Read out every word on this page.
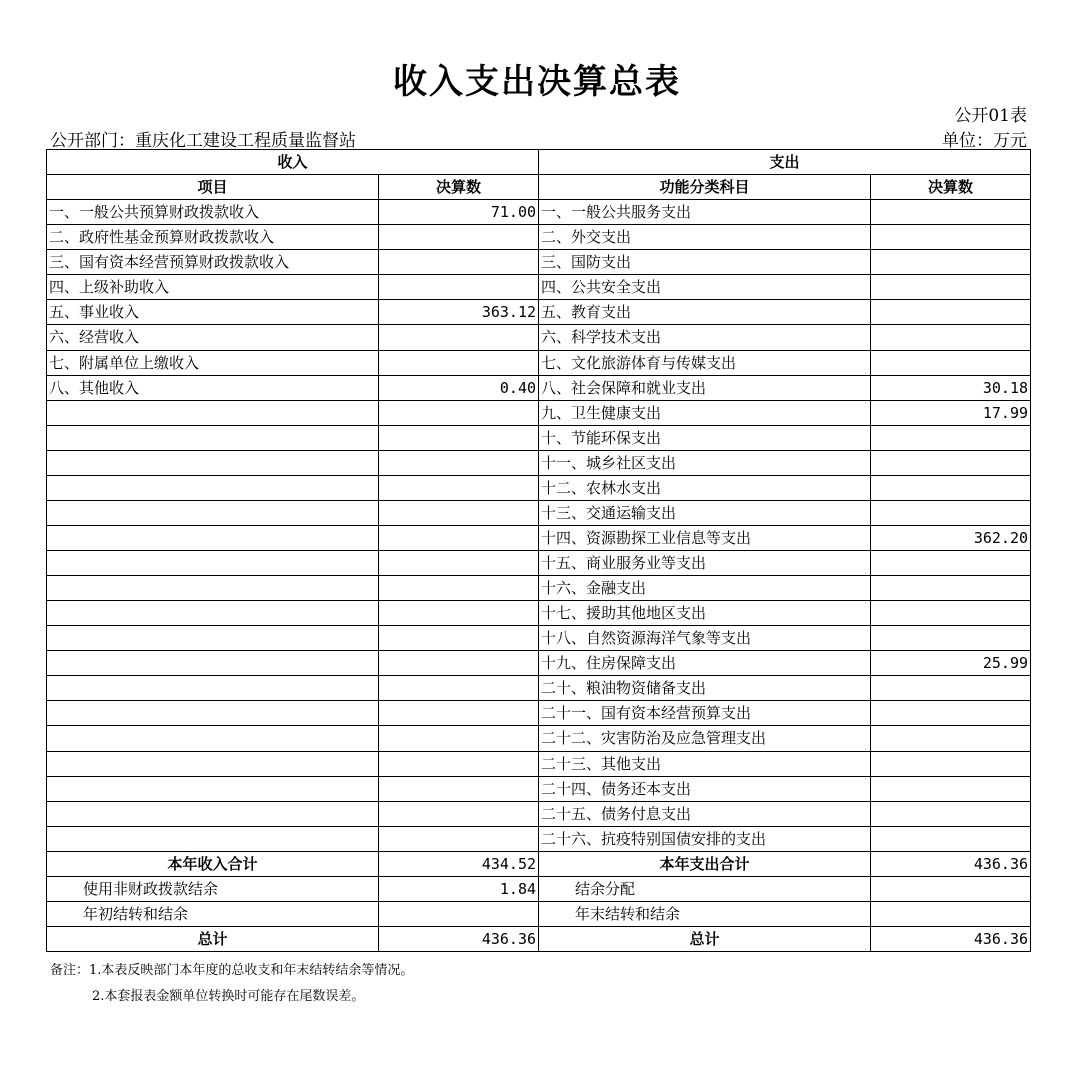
收入支出决算总表
公开01表
公开部门：重庆化工建设工程质量监督站	单位：万元
收入		支出	
项目	决算数	功能分类科目	决算数
一、一般公共预算财政拨款收入	71.00	一、一般公共服务支出	
二、政府性基金预算财政拨款收入		二、外交支出	
三、国有资本经营预算财政拨款收入		三、国防支出	
四、上级补助收入		四、公共安全支出	
五、事业收入	363.12	五、教育支出	
六、经营收入		六、科学技术支出	
七、附属单位上缴收入		七、文化旅游体育与传媒支出	
八、其他收入	0.40	八、社会保障和就业支出	30.18
		九、卫生健康支出	17.99
		十、节能环保支出	
		十一、城乡社区支出	
		十二、农林水支出	
		十三、交通运输支出	
		十四、资源勘探工业信息等支出	362.20
		十五、商业服务业等支出	
		十六、金融支出	
		十七、援助其他地区支出	
		十八、自然资源海洋气象等支出	
		十九、住房保障支出	25.99
		二十、粮油物资储备支出	
		二十一、国有资本经营预算支出	
		二十二、灾害防治及应急管理支出	
		二十三、其他支出	
		二十四、债务还本支出	
		二十五、债务付息支出	
		二十六、抗疫特别国债安排的支出	
本年收入合计	434.52	本年支出合计	436.36
使用非财政拨款结余	1.84	结余分配	
年初结转和结余		年末结转和结余	
总计	436.36	总计	436.36
备注：1.本表反映部门本年度的总收支和年末结转结余等情况。
2.本套报表金额单位转换时可能存在尾数误差。
